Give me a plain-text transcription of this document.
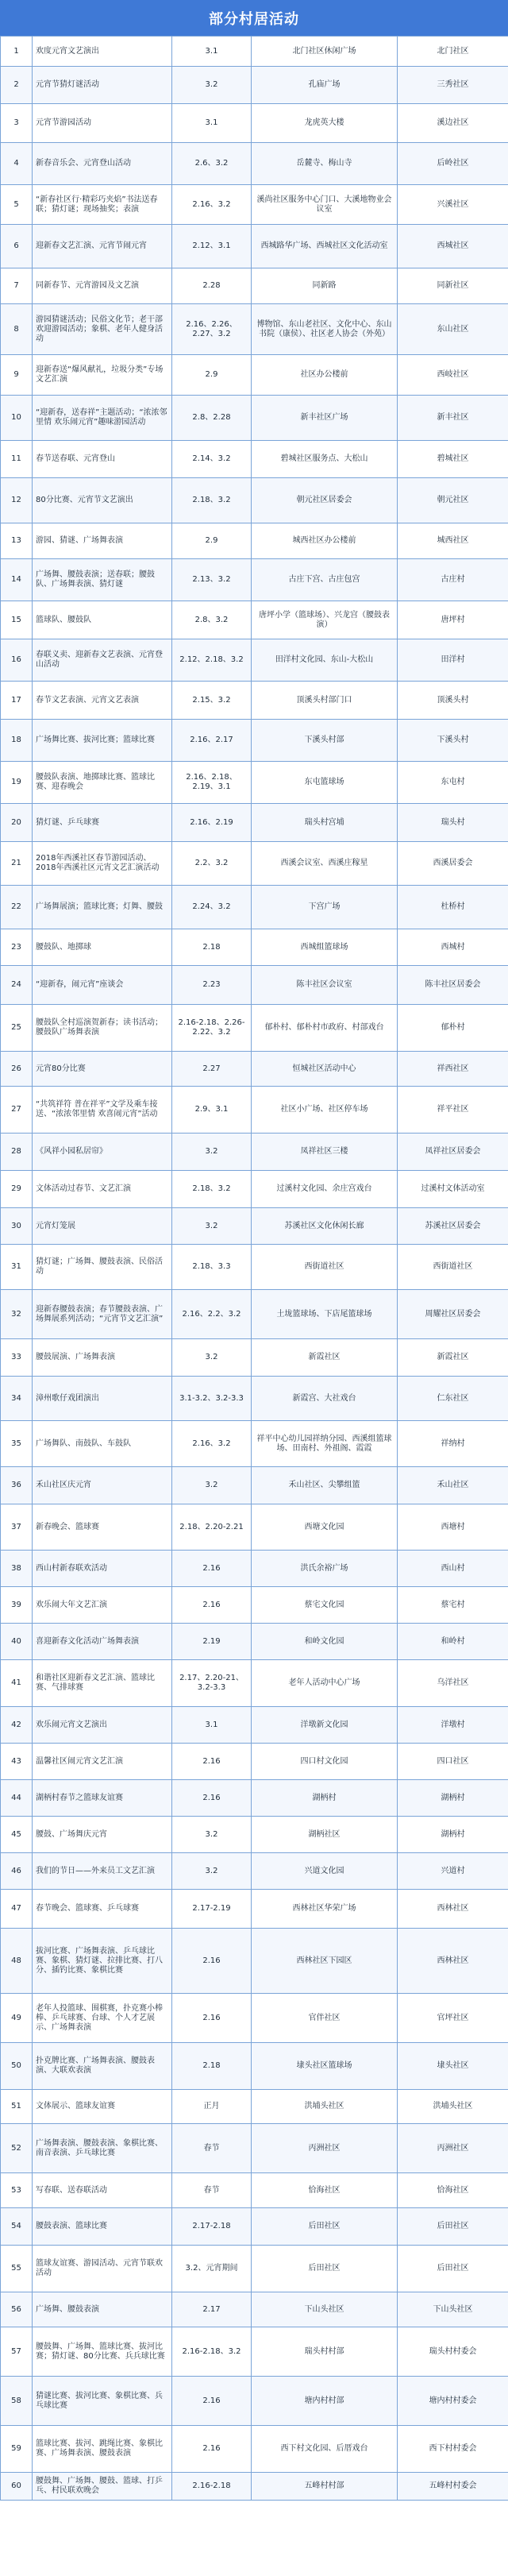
部分村居活动
1	欢度元宵文艺演出	3.1	北门社区休闲广场	北门社区
2	元宵节猜灯谜活动	3.2	孔庙广场	三秀社区
3	元宵节游园活动	3.1	龙虎英大楼	溪边社区
4	新春音乐会、元宵登山活动	2.6、3.2	岳麓寺、梅山寺	后岭社区
5	“新春社区行·精彩巧夹焰”书法送春联；猜灯谜；现场抽奖；表演	2.16、3.2	溪尚社区服务中心门口、大溪地物业会议室	兴溪社区
6	迎新春文艺汇演、元宵节闹元宵	2.12、3.1	西城路华广场、西城社区文化活动室	西城社区
7	同新春节、元宵游园及文艺演	2.28	同新路	同新社区
8	游园猜谜活动；民俗文化节；老干部欢迎游园活动；象棋、老年人健身活动	2.16、2.26、2.27、3.2	博物馆、东山老社区、文化中心、东山书院（康侯）、社区老人协会（外苑）	东山社区
9	迎新春送“爆风献礼，垃圾分类”专场文艺汇演	2.9	社区办公楼前	西岐社区
10	“迎新春，送春祥”主题活动；“浓浓邻里情 欢乐闹元宵”趣味游园活动	2.8、2.28	新丰社区广场	新丰社区
11	春节送春联、元宵登山	2.14、3.2	碧城社区服务点、大松山	碧城社区
12	80分比赛、元宵节文艺演出	2.18、3.2	朝元社区居委会	朝元社区
13	游园、猜谜、广场舞表演	2.9	城西社区办公楼前	城西社区
14	广场舞、腰鼓表演；送春联；腰鼓队、广场舞表演、猜灯谜	2.13、3.2	古庄下宫、古庄包宫	古庄村
15	篮球队、腰鼓队	2.8、3.2	唐坪小学（篮球场）、兴龙宫（腰鼓表演）	唐坪村
16	春联义卖、迎新春文艺表演、元宵登山活动	2.12、2.18、3.2	田洋村文化园、东山-大松山	田洋村
17	春节文艺表演、元宵文艺表演	2.15、3.2	顶溪头村部门口	顶溪头村
18	广场舞比赛、拔河比赛；篮球比赛	2.16、2.17	下溪头村部	下溪头村
19	腰鼓队表演、地掷球比赛、篮球比赛、迎春晚会	2.16、2.18、2.19、3.1	东屯篮球场	东屯村
20	猜灯谜、乒乓球赛	2.16、2.19	瑞头村宫埔	瑞头村
21	2018年西溪社区春节游园活动、2018年西溪社区元宵文艺汇演活动	2.2、3.2	西溪会议室、西溪庄稼星	西溪居委会
22	广场舞展演；篮球比赛；灯舞、腰鼓	2.24、3.2	下宫广场	杜桥村
23	腰鼓队、地掷球	2.18	西城组篮球场	西城村
24	“迎新春，闹元宵”座谈会	2.23	陈丰社区会议室	陈丰社区居委会
25	腰鼓队全村巡演贺新春；读书活动；腰鼓队广场舞表演	2.16-2.18、2.26-2.22、3.2	郁朴村、郁朴村市政府、村部戏台	郁朴村
26	元宵80分比赛	2.27	恒城社区活动中心	祥西社区
27	“共筑祥符 普在祥平”文学及乘车接送、“浓浓邻里情 欢喜闹元宵”活动	2.9、3.1	社区小广场、社区停车场	祥平社区
28	《风祥小园私居帘》	3.2	凤祥社区三楼	凤祥社区居委会
29	文体活动过春节、文艺汇演	2.18、3.2	过溪村文化园、余庄宫戏台	过溪村文体活动室
30	元宵灯笼展	3.2	苏溪社区文化休闲长廊	苏溪社区居委会
31	猜灯谜；广场舞、腰鼓表演、民俗活动	2.18、3.3	西街道社区	西街道社区
32	迎新春腰鼓表演；春节腰鼓表演、广场舞展系列活动；“元宵节文艺汇演”	2.16、2.2、3.2	土垅篮球场、下店尾篮球场	周耀社区居委会
33	腰鼓展演、广场舞表演	3.2	新霞社区	新霞社区
34	漳州歌仔戏团演出	3.1-3.2、3.2-3.3	新霞宫、大社戏台	仁东社区
35	广场舞队、南鼓队、车鼓队	2.16、3.2	祥平中心幼儿园祥纳分园、西溪组篮球场、田南村、外祖阁、霞霞	祥纳村
36	禾山社区庆元宵	3.2	禾山社区、尖攀组篮	禾山社区
37	新春晚会、篮球赛	2.18、2.20-2.21	西塘文化园	西塘村
38	西山村新春联欢活动	2.16	洪氏余裕广场	西山村
39	欢乐闹大年文艺汇演	2.16	蔡宅文化园	蔡宅村
40	喜迎新春文化活动广场舞表演	2.19	和岭文化园	和岭村
41	和谐社区迎新春文艺汇演、篮球比赛、气排球赛	2.17、2.20-21、3.2-3.3	老年人活动中心广场	乌洋社区
42	欢乐闹元宵文艺演出	3.1	洋墩新文化园	洋墩村
43	温馨社区闹元宵文艺汇演	2.16	四口村文化园	四口社区
44	湖柄村春节之篮球友谊赛	2.16	湖柄村	湖柄村
45	腰鼓、广场舞庆元宵	3.2	湖柄社区	湖柄村
46	我们的节日——外来员工文艺汇演	3.2	兴道文化园	兴道村
47	春节晚会、篮球赛、乒乓球赛	2.17-2.19	西林社区华荣广场	西林社区
48	拔河比赛、广场舞表演、乒乓球比赛、象棋、猜灯谜、拉排比赛、打八分、插钓比赛、象棋比赛	2.16	西林社区下园区	西林社区
49	老年人投篮球、围棋赛，扑克赛小棒棒、乒乓球赛、台球、个人才艺展示、广场舞表演	2.16	官伴社区	官坪社区
50	扑克牌比赛、广场舞表演、腰鼓表演、大联欢表演	2.18	埭头社区篮球场	埭头社区
51	文体展示、篮球友谊赛	正月	洪埔头社区	洪埔头社区
52	广场舞表演、腰鼓表演、象棋比赛、南音表演、乒乓球比赛	春节	丙洲社区	丙洲社区
53	写春联、送春联活动	春节	恰海社区	恰海社区
54	腰鼓表演、篮球比赛	2.17-2.18	后田社区	后田社区
55	篮球友谊赛、游园活动、元宵节联欢活动	3.2、元宵期间	后田社区	后田社区
56	广场舞、腰鼓表演	2.17	下山头社区	下山头社区
57	腰鼓舞、广场舞、篮球比赛、拔河比赛；猜灯谜、80分比赛、兵兵球比赛	2.16-2.18、3.2	瑞头村村部	瑞头村村委会
58	猜谜比赛、拔河比赛、象棋比赛、兵乓球比赛	2.16	塘内村村部	塘内村村委会
59	篮球比赛、拔河、跳绳比赛、象棋比赛、广场舞表演、腰鼓表演	2.16	西下村文化园、后厝戏台	西下村村委会
60	腰鼓舞、广场舞、腰鼓、篮球、打乒乓、村民联欢晚会	2.16-2.18	五峰村村部	五峰村村委会
